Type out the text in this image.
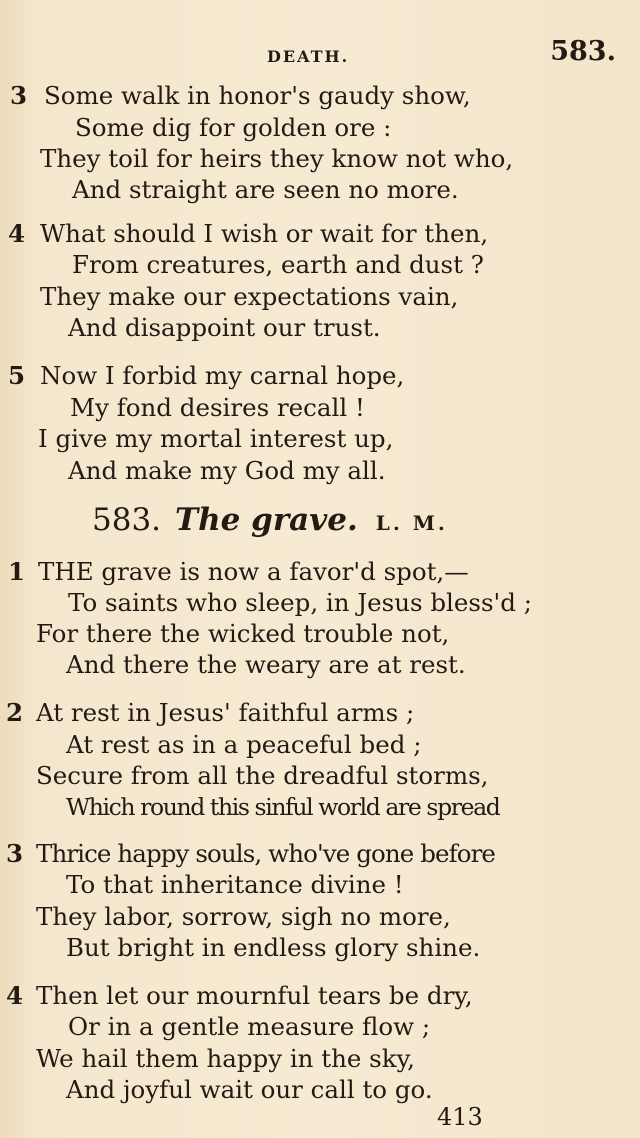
DEATH.	583.
3 Some walk in honor's gaudy show,
Some dig for golden ore :
They toil for heirs they know not who,
And straight are seen no more.
4 What should I wish or wait for then,
From creatures, earth and dust ?
They make our expectations vain,
And disappoint our trust.
5 Now I forbid my carnal hope,
My fond desires recall !
I give my mortal interest up,
And make my God my all.
583. The grave. L. M.
1 THE grave is now a favor'd spot,—
To saints who sleep, in Jesus bless'd ;
For there the wicked trouble not,
And there the weary are at rest.
2 At rest in Jesus' faithful arms ;
At rest as in a peaceful bed ;
Secure from all the dreadful storms,
Which round this sinful world are spread
3 Thrice happy souls, who've gone before
To that inheritance divine !
They labor, sorrow, sigh no more,
But bright in endless glory shine.
4 Then let our mournful tears be dry,
Or in a gentle measure flow ;
We hail them happy in the sky,
And joyful wait our call to go.
413
